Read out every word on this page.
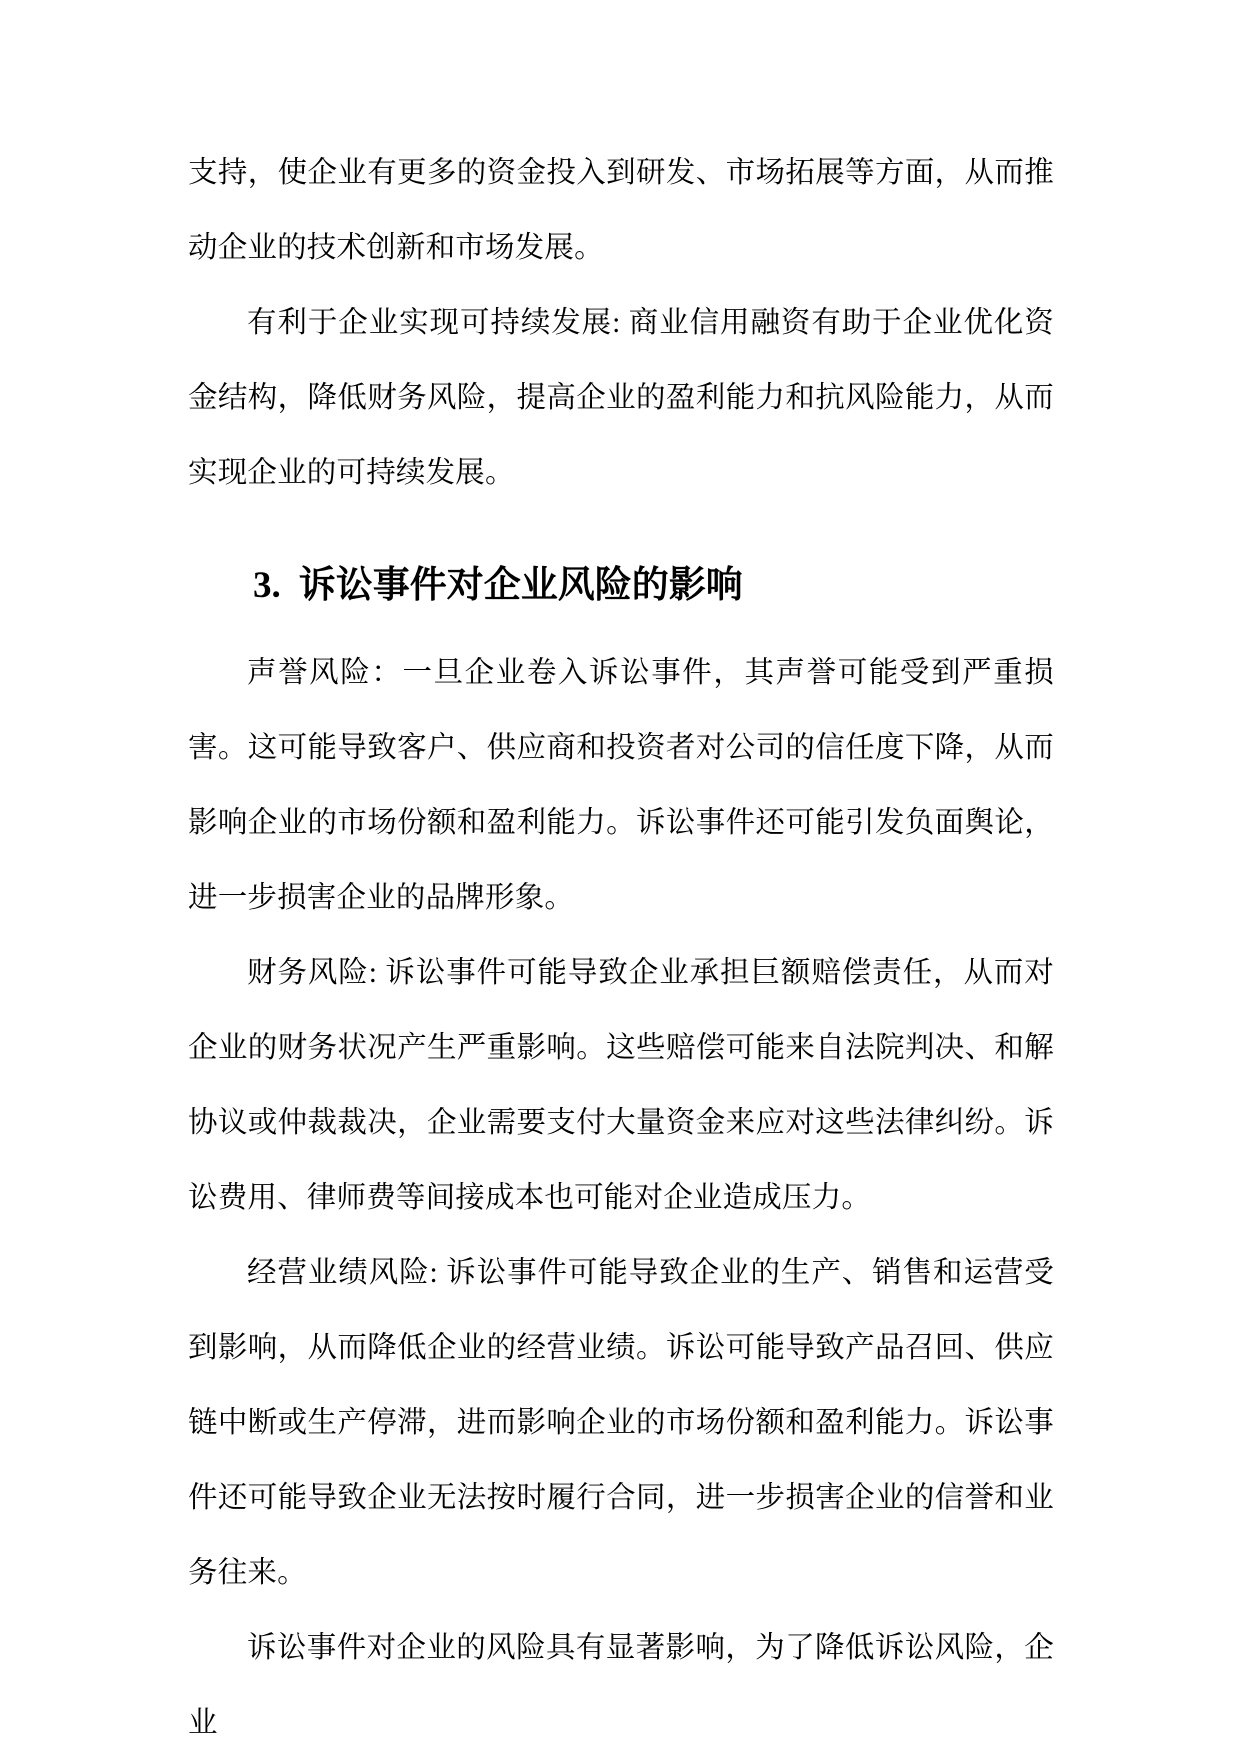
支持，使企业有更多的资金投入到研发、市场拓展等方面，从而推动企业的技术创新和市场发展。

有利于企业实现可持续发展: 商业信用融资有助于企业优化资金结构，降低财务风险，提高企业的盈利能力和抗风险能力，从而实现企业的可持续发展。

3. 诉讼事件对企业风险的影响

声誉风险：一旦企业卷入诉讼事件，其声誉可能受到严重损害。这可能导致客户、供应商和投资者对公司的信任度下降，从而影响企业的市场份额和盈利能力。诉讼事件还可能引发负面舆论，进一步损害企业的品牌形象。

财务风险: 诉讼事件可能导致企业承担巨额赔偿责任，从而对企业的财务状况产生严重影响。这些赔偿可能来自法院判决、和解协议或仲裁裁决，企业需要支付大量资金来应对这些法律纠纷。诉讼费用、律师费等间接成本也可能对企业造成压力。

经营业绩风险: 诉讼事件可能导致企业的生产、销售和运营受到影响，从而降低企业的经营业绩。诉讼可能导致产品召回、供应链中断或生产停滞，进而影响企业的市场份额和盈利能力。诉讼事件还可能导致企业无法按时履行合同，进一步损害企业的信誉和业务往来。

诉讼事件对企业的风险具有显著影响，为了降低诉讼风险，企业
